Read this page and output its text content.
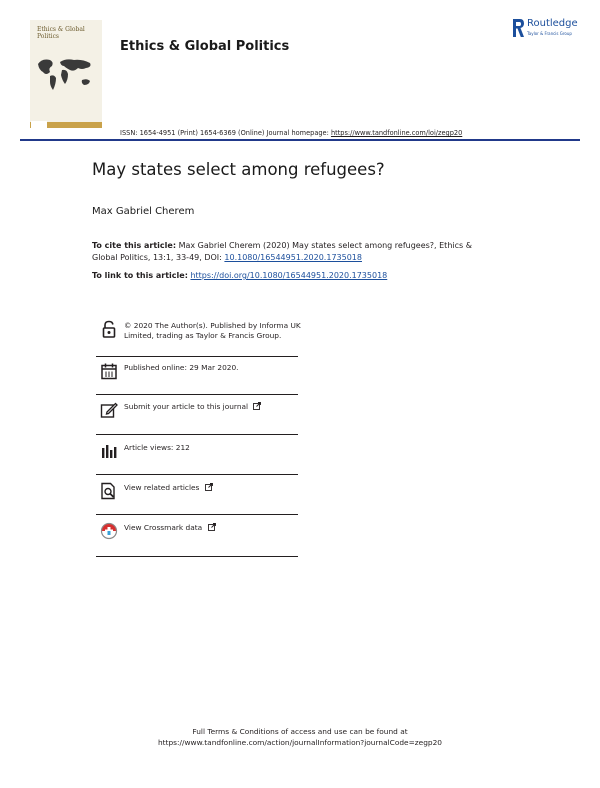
Ethics & Global Politics
Ethics & Global Politics
Routledge
Taylor & Francis Group
ISSN: 1654-4951 (Print) 1654-6369 (Online) Journal homepage: https://www.tandfonline.com/loi/zegp20
May states select among refugees?
Max Gabriel Cherem
To cite this article: Max Gabriel Cherem (2020) May states select among refugees?, Ethics & Global Politics, 13:1, 33-49, DOI: 10.1080/16544951.2020.1735018
To link to this article: https://doi.org/10.1080/16544951.2020.1735018
© 2020 The Author(s). Published by Informa UK Limited, trading as Taylor & Francis Group.
Published online: 29 Mar 2020.
Submit your article to this journal
Article views: 212
View related articles
View Crossmark data
Full Terms & Conditions of access and use can be found at
https://www.tandfonline.com/action/journalInformation?journalCode=zegp20
